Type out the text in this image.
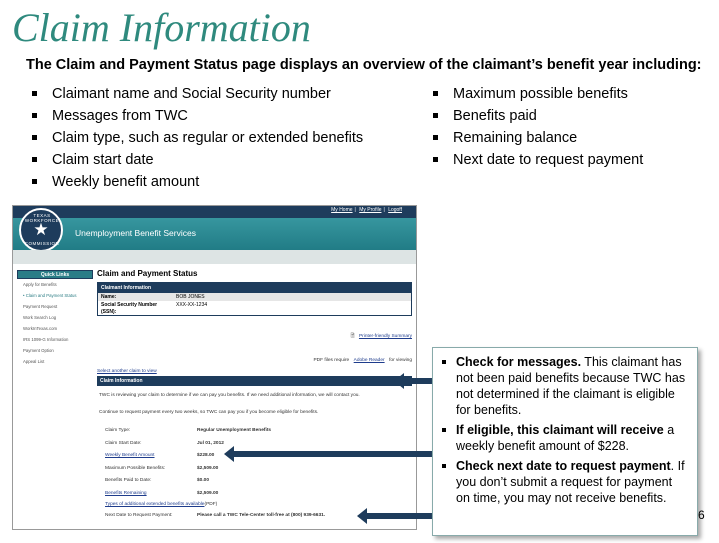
Claim Information
The Claim and Payment Status page displays an overview of the claimant’s benefit year including:
Claimant name and Social Security number
Messages from TWC
Claim type, such as regular or extended benefits
Claim start date
Weekly benefit amount
Maximum possible benefits
Benefits paid
Remaining balance
Next date to request payment
My Home | My Profile | Logoff
TEXAS WORKFORCE
★
COMMISSION
Unemployment Benefit Services
Quick Links
Apply for Benefits
• Claim and Payment Status
Payment Request
Work Search Log
WorkInTexas.com
IRS 1099-G Information
Payment Option
Appeal List
Claim and Payment Status
Claimant Information
Name:	BOB JONES
Social Security Number	XXX-XX-1234
(SSN):
🗎 Printer-friendly Summary
PDF files require Adobe Reader for viewing
Select another claim to view
Claim Information
TWC is reviewing your claim to determine if we can pay you benefits. If we need additional information, we will contact you.
Continue to request payment every two weeks, so TWC can pay you if you become eligible for benefits.
Claim Type:	Regular Unemployment Benefits
Claim Start Date:	Jul 01, 2012
Weekly Benefit Amount	$228.00
Maximum Possible Benefits:	$2,509.00
Benefits Paid to Date:	$0.00
Benefits Remaining	$2,509.00
Types of additional extended benefits available (PDF)
Next Date to Request Payment:	Please call a TWC Tele-Center toll-free at (800) 939-6631.
Check for messages. This claimant has not been paid benefits because TWC has not determined if the claimant is eligible for benefits.
If eligible, this claimant will receive a weekly benefit amount of $228.
Check next date to request payment. If you don’t submit a request for payment on time, you may not receive benefits.
6
